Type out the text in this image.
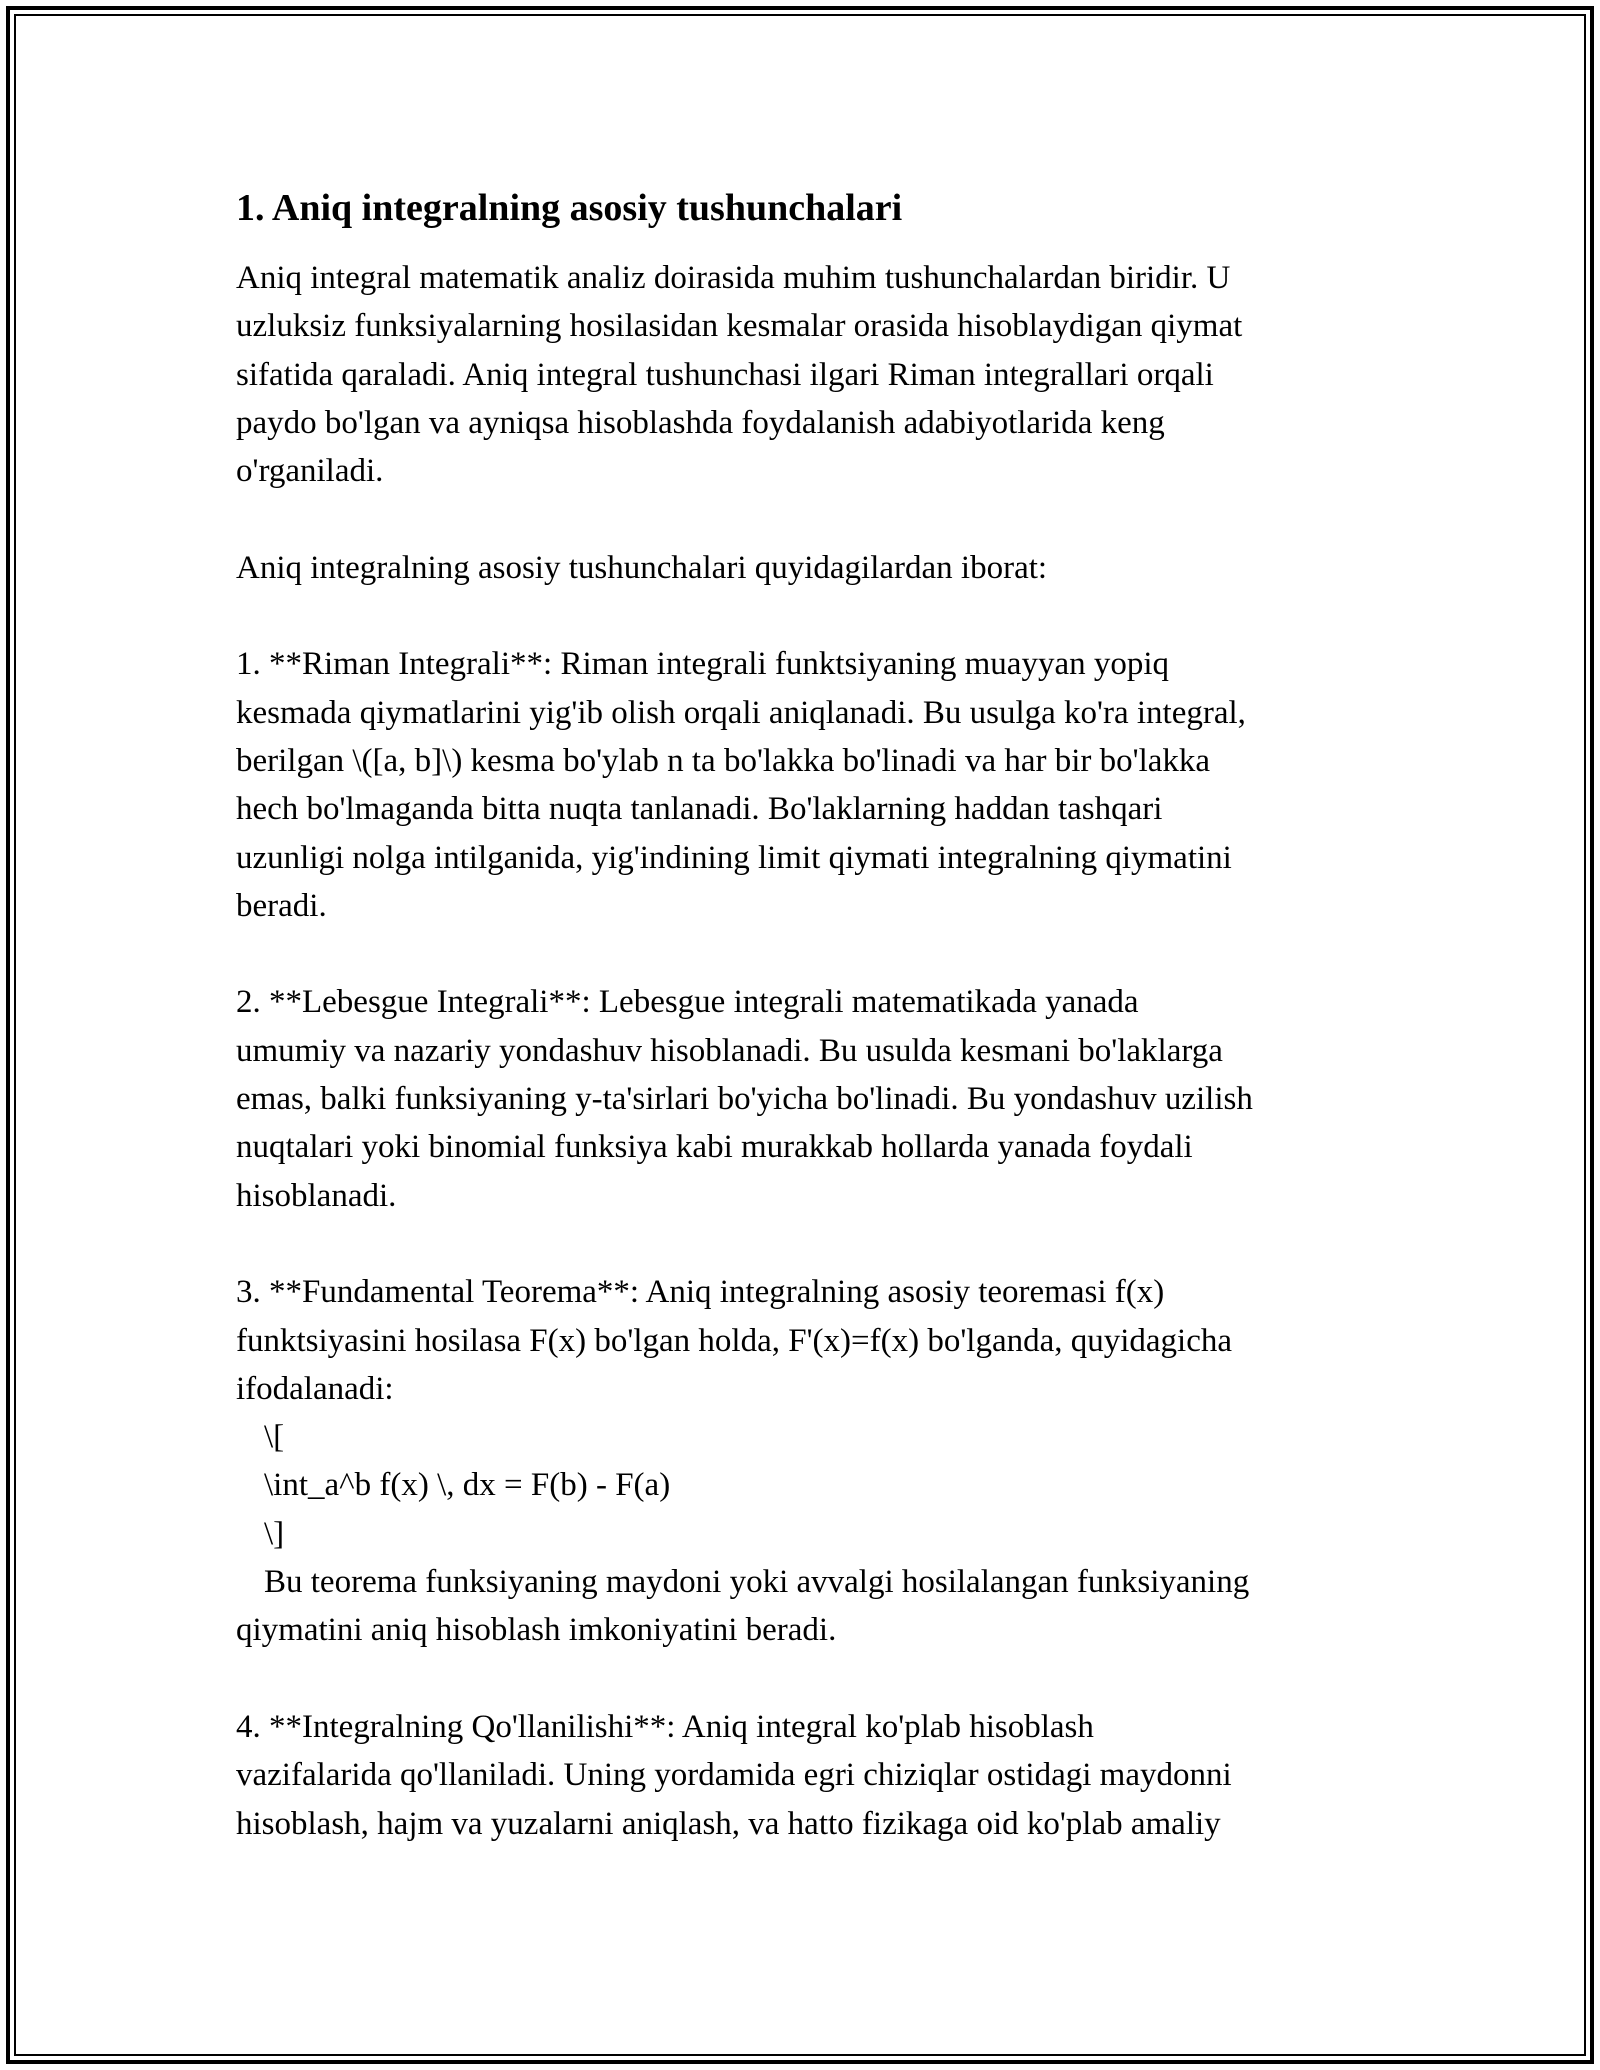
1. Aniq integralning asosiy tushunchalari
Aniq integral matematik analiz doirasida muhim tushunchalardan biridir. U
uzluksiz funksiyalarning hosilasidan kesmalar orasida hisoblaydigan qiymat
sifatida qaraladi. Aniq integral tushunchasi ilgari Riman integrallari orqali
paydo bo'lgan va ayniqsa hisoblashda foydalanish adabiyotlarida keng
o'rganiladi.
Aniq integralning asosiy tushunchalari quyidagilardan iborat:
1. **Riman Integrali**: Riman integrali funktsiyaning muayyan yopiq
kesmada qiymatlarini yig'ib olish orqali aniqlanadi. Bu usulga ko'ra integral,
berilgan \([a, b]\) kesma bo'ylab n ta bo'lakka bo'linadi va har bir bo'lakka
hech bo'lmaganda bitta nuqta tanlanadi. Bo'laklarning haddan tashqari
uzunligi nolga intilganida, yig'indining limit qiymati integralning qiymatini
beradi.
2. **Lebesgue Integrali**: Lebesgue integrali matematikada yanada
umumiy va nazariy yondashuv hisoblanadi. Bu usulda kesmani bo'laklarga
emas, balki funksiyaning y-ta'sirlari bo'yicha bo'linadi. Bu yondashuv uzilish
nuqtalari yoki binomial funksiya kabi murakkab hollarda yanada foydali
hisoblanadi.
3. **Fundamental Teorema**: Aniq integralning asosiy teoremasi f(x)
funktsiyasini hosilasa F(x) bo'lgan holda, F'(x)=f(x) bo'lganda, quyidagicha
ifodalanadi:
\[
\int_a^b f(x) \, dx = F(b) - F(a)
\]
Bu teorema funksiyaning maydoni yoki avvalgi hosilalangan funksiyaning
qiymatini aniq hisoblash imkoniyatini beradi.
4. **Integralning Qo'llanilishi**: Aniq integral ko'plab hisoblash
vazifalarida qo'llaniladi. Uning yordamida egri chiziqlar ostidagi maydonni
hisoblash, hajm va yuzalarni aniqlash, va hatto fizikaga oid ko'plab amaliy
